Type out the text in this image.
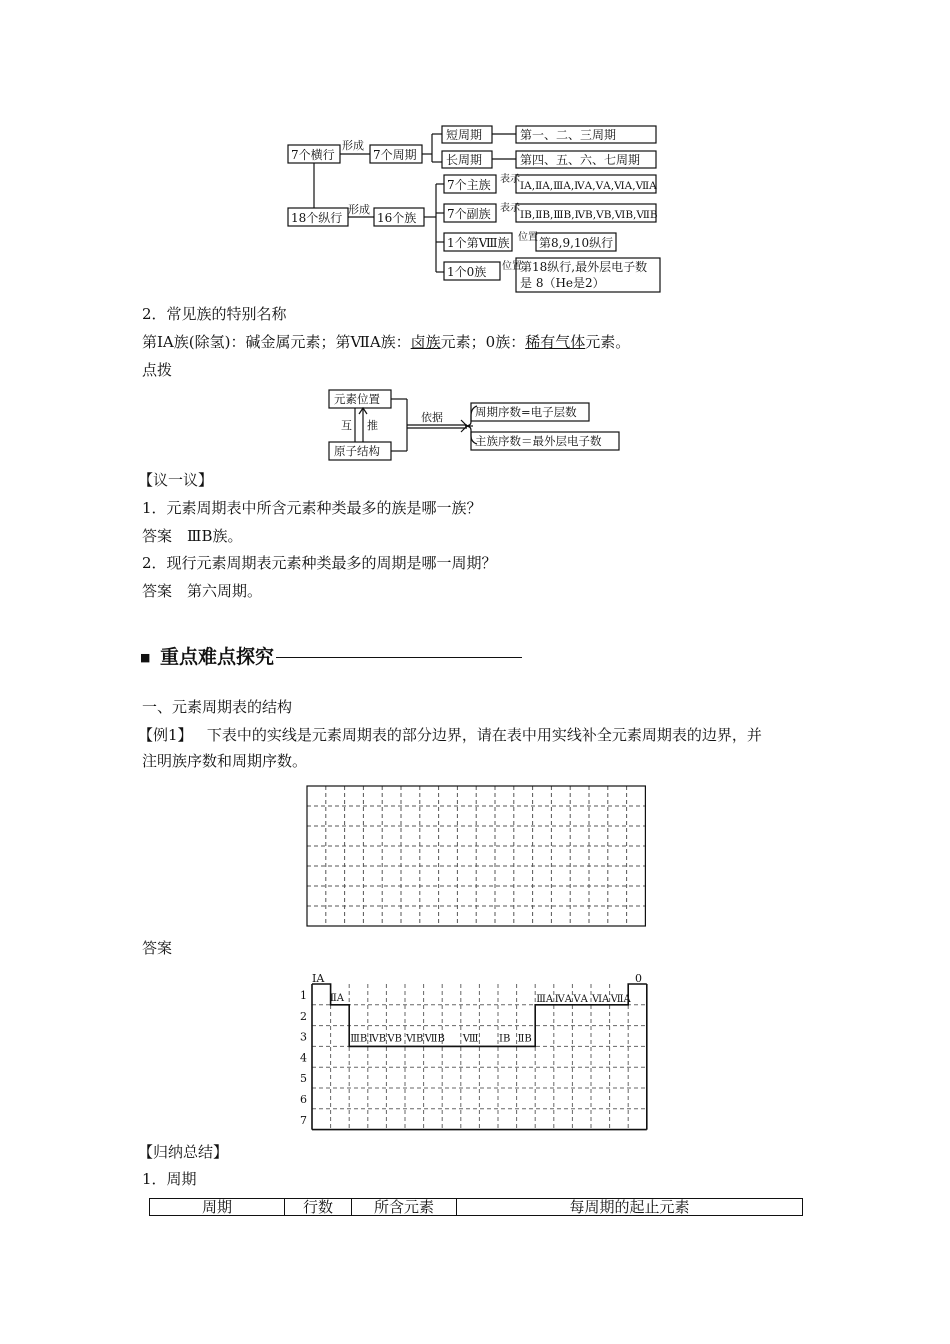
7个横行
形成
7个周期
短周期
长周期
第一、二、三周期
第四、五、六、七周期
18个纵行
形成
16个族
7个主族
7个副族
1个第Ⅷ族
1个0族
ⅠA,ⅡA,ⅢA,ⅣA,ⅤA,ⅥA,ⅦA
ⅠB,ⅡB,ⅢB,ⅣB,ⅤB,ⅥB,ⅦB
第8,9,10纵行
第18纵行,最外层电子数
是 8（He是2）
表示
表示
位置
位置
2．常见族的特别名称
第ⅠA族(除氢)：碱金属元素；第ⅦA族：卤族元素；0族：稀有气体元素。
点拨
元素位置
原子结构
互 推
依据	周期序数=电子层数
主族序数＝最外层电子数
【议一议】
1．元素周期表中所含元素种类最多的族是哪一族？
答案　ⅢB族。
2．现行元素周期表元素种类最多的周期是哪一周期？
答案　第六周期。
■ 重点难点探究
一、元素周期表的结构
【例1】 下表中的实线是元素周期表的部分边界，请在表中用实线补全元素周期表的边界，并
注明族序数和周期序数。
答案
ⅠA	0
ⅡA
1
2
3
4
5
6
7
ⅢB ⅣB ⅤB ⅥB ⅦB Ⅷ ⅠB ⅡB
ⅢA ⅣA ⅤA ⅥA ⅦA
【归纳总结】
1．周期
周期	行数	所含元素	每周期的起止元素
